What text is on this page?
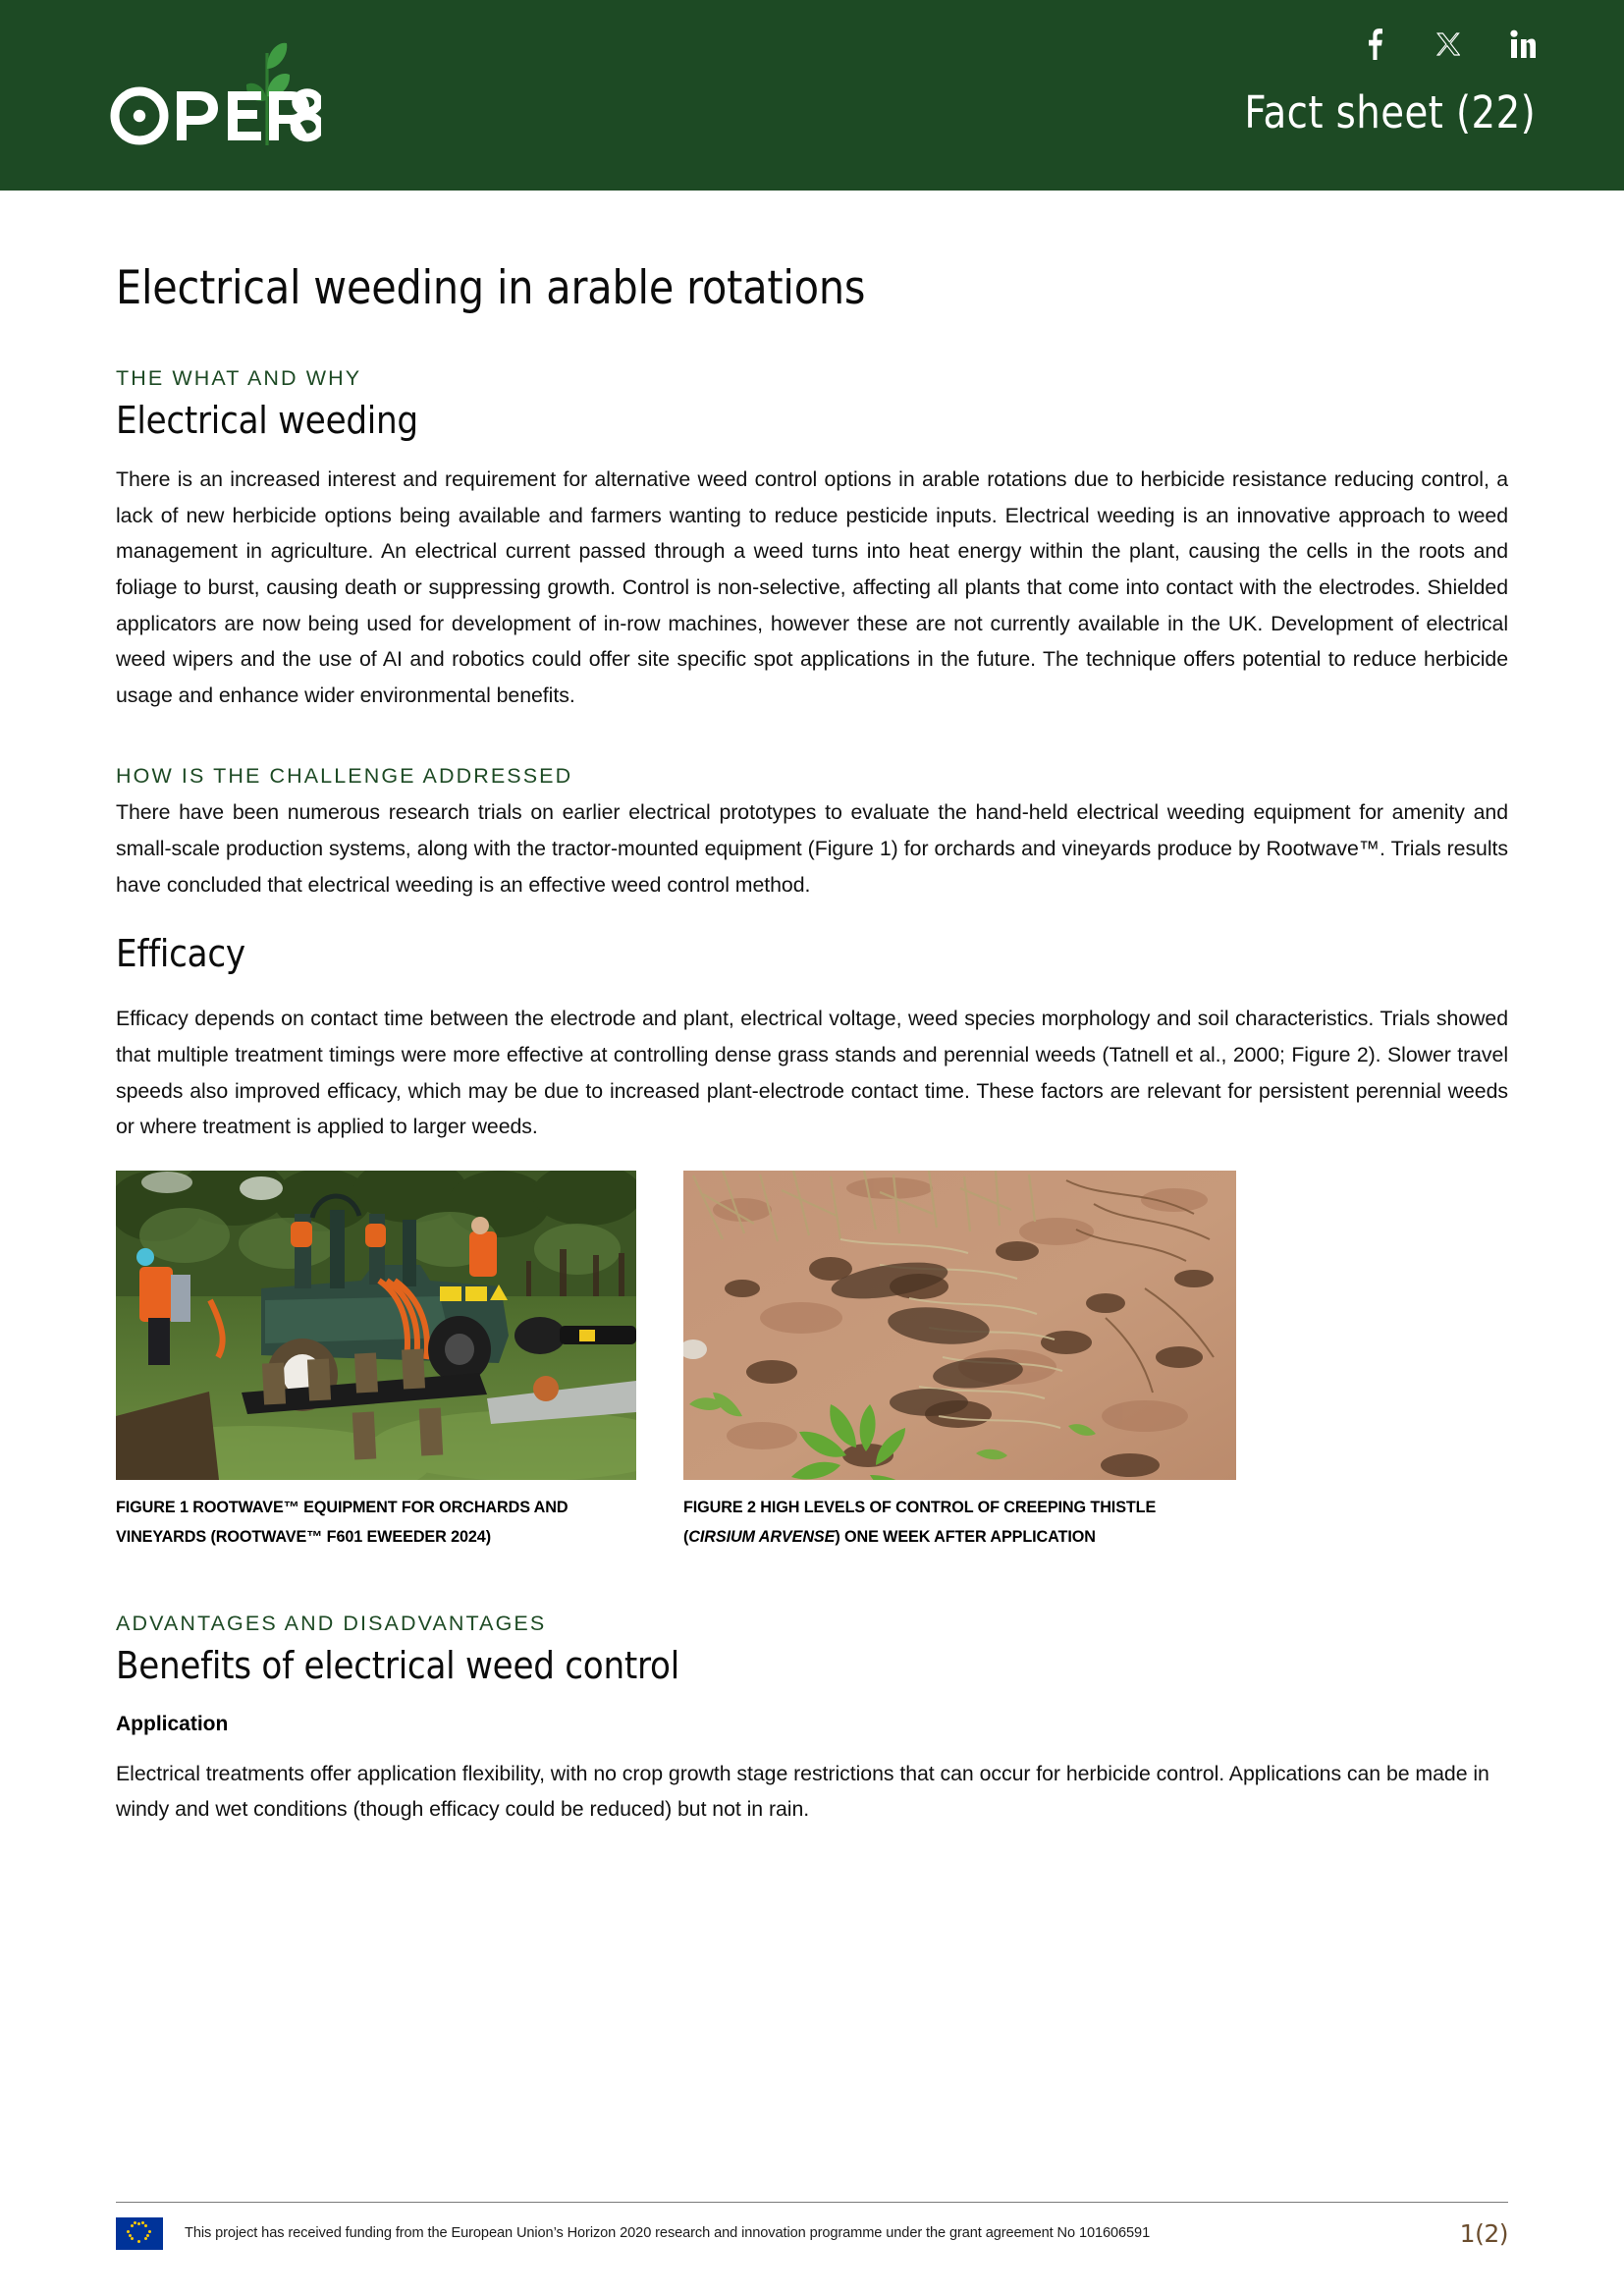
Fact sheet (22)
Electrical weeding in arable rotations
THE WHAT AND WHY
Electrical weeding

There is an increased interest and requirement for alternative weed control options in arable rotations due to herbicide resistance reducing control, a lack of new herbicide options being available and farmers wanting to reduce pesticide inputs. Electrical weeding is an innovative approach to weed management in agriculture. An electrical current passed through a weed turns into heat energy within the plant, causing the cells in the roots and foliage to burst, causing death or suppressing growth. Control is non-selective, affecting all plants that come into contact with the electrodes. Shielded applicators are now being used for development of in-row machines, however these are not currently available in the UK. Development of electrical weed wipers and the use of AI and robotics could offer site specific spot applications in the future. The technique offers potential to reduce herbicide usage and enhance wider environmental benefits.

HOW IS THE CHALLENGE ADDRESSED

There have been numerous research trials on earlier electrical prototypes to evaluate the hand-held electrical weeding equipment for amenity and small-scale production systems, along with the tractor-mounted equipment (Figure 1) for orchards and vineyards produce by Rootwave™. Trials results have concluded that electrical weeding is an effective weed control method.

Efficacy

Efficacy depends on contact time between the electrode and plant, electrical voltage, weed species morphology and soil characteristics. Trials showed that multiple treatment timings were more effective at controlling dense grass stands and perennial weeds (Tatnell et al., 2000; Figure 2). Slower travel speeds also improved efficacy, which may be due to increased plant-electrode contact time. These factors are relevant for persistent perennial weeds or where treatment is applied to larger weeds.

FIGURE 1 ROOTWAVE™ EQUIPMENT FOR ORCHARDS AND
VINEYARDS (ROOTWAVE™ F601 EWEEDER 2024)
FIGURE 2 HIGH LEVELS OF CONTROL OF CREEPING THISTLE
(CIRSIUM ARVENSE) ONE WEEK AFTER APPLICATION
ADVANTAGES AND DISADVANTAGES
Benefits of electrical weed control
Application

Electrical treatments offer application flexibility, with no crop growth stage restrictions that can occur for herbicide control. Applications can be made in windy and wet conditions (though efficacy could be reduced) but not in rain.

This project has received funding from the European Union’s Horizon 2020 research and innovation programme under the grant agreement No 101606591	1(2)
